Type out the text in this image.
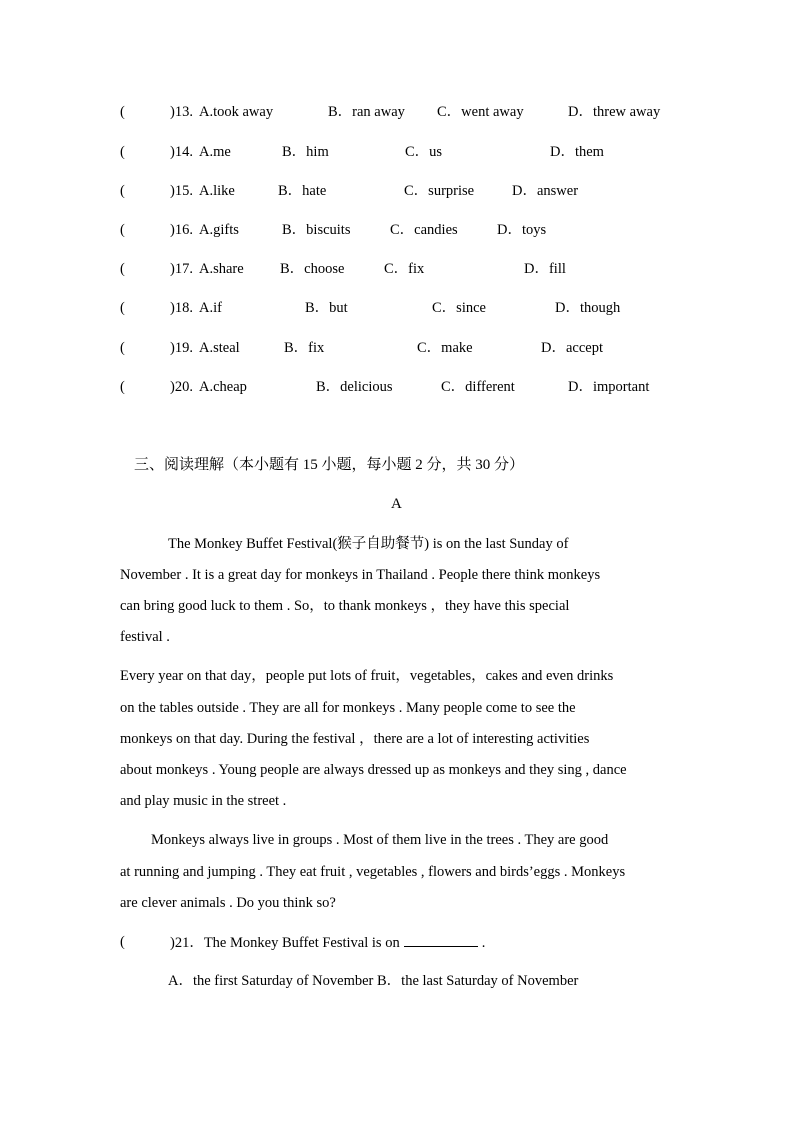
(	)13. A.took away	B．ran away C．went away	D．threw away
(	)14. A.me	B．him	C．us	D．them
(	)15. A.like	B．hate	C．surprise	D．answer
(	)16. A.gifts	B．biscuits	C．candies	D．toys
(	)17. A.share	B．choose	C．fix	D．fill
(	)18. A.if	B．but	C．since	D．though
(	)19. A.steal	B．fix	C．make	D．accept
(	)20. A.cheap	B．delicious	C．different	D．important
三、阅读理解（本小题有 15 小题，每小题 2 分，共 30 分）
A
The Monkey Buffet Festival(猴子自助餐节) is on the last Sunday of
November . It is a great day for monkeys in Thailand . People there think monkeys
can bring good luck to them . So，to thank monkeys ，they have this special
festival .
Every year on that day，people put lots of fruit，vegetables，cakes and even drinks
on the tables outside . They are all for monkeys . Many people come to see the
monkeys on that day. During the festival ，there are a lot of interesting activities
about monkeys . Young people are always dressed up as monkeys and they sing , dance
and play music in the street .
Monkeys always live in groups . Most of them live in the trees . They are good
at running and jumping . They eat fruit , vegetables , flowers and birds’eggs . Monkeys
are clever animals . Do you think so?
(	)21．The Monkey Buffet Festival is on	.
A．the first Saturday of November B．the last Saturday of November
